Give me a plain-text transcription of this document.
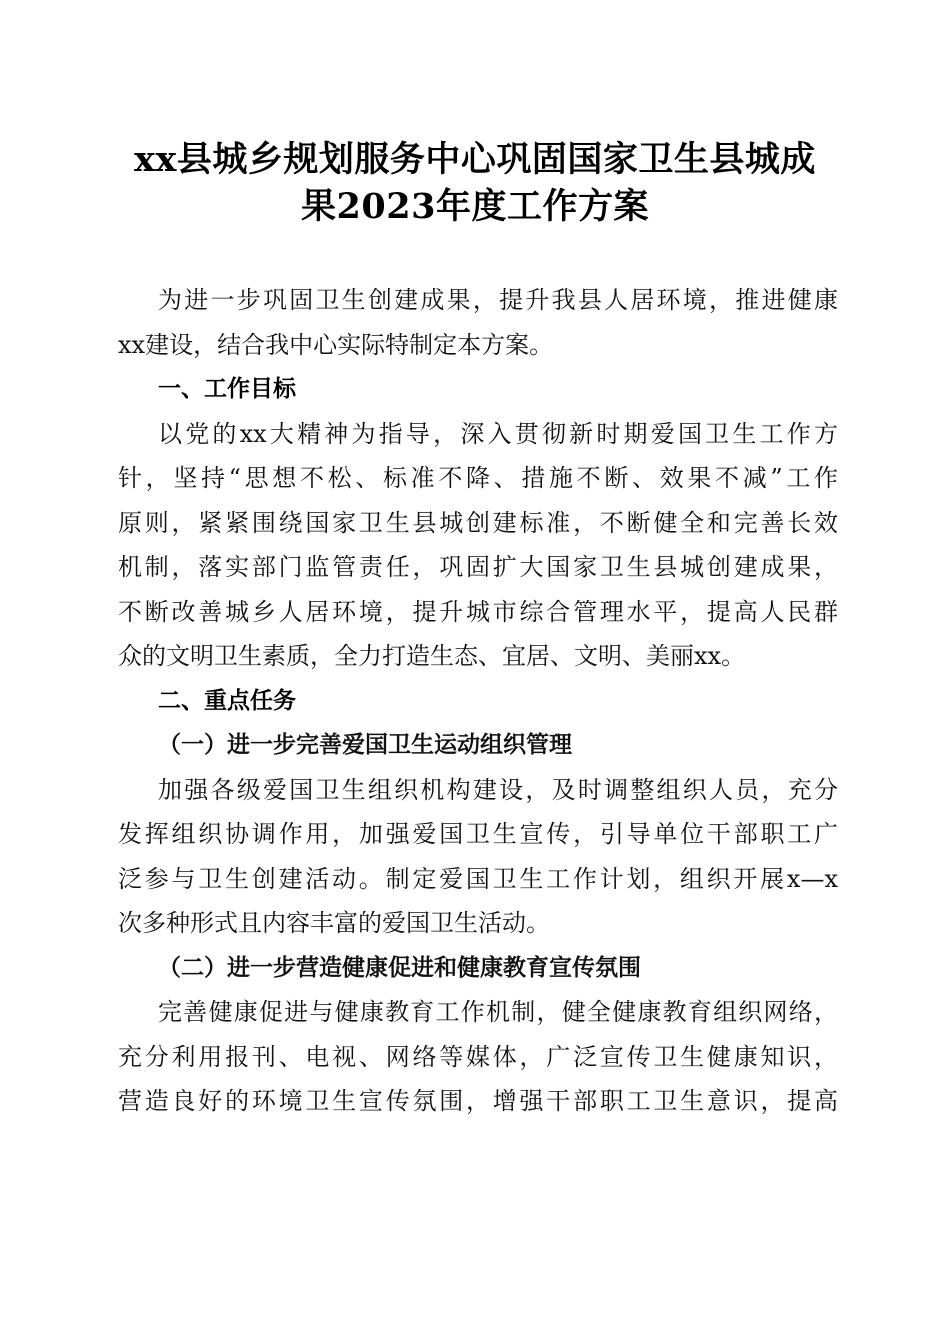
xx县城乡规划服务中心巩固国家卫生县城成
果2023年度工作方案
为进一步巩固卫生创建成果，提升我县人居环境，推进健康
xx建设，结合我中心实际特制定本方案。
一、工作目标
以党的xx大精神为指导，深入贯彻新时期爱国卫生工作方
针，坚持“思想不松、标准不降、措施不断、效果不减”工作
原则，紧紧围绕国家卫生县城创建标准，不断健全和完善长效
机制，落实部门监管责任，巩固扩大国家卫生县城创建成果，
不断改善城乡人居环境，提升城市综合管理水平，提高人民群
众的文明卫生素质，全力打造生态、宜居、文明、美丽xx。
二、重点任务
（一）进一步完善爱国卫生运动组织管理
加强各级爱国卫生组织机构建设，及时调整组织人员，充分
发挥组织协调作用，加强爱国卫生宣传，引导单位干部职工广
泛参与卫生创建活动。制定爱国卫生工作计划，组织开展x—x
次多种形式且内容丰富的爱国卫生活动。
（二）进一步营造健康促进和健康教育宣传氛围
完善健康促进与健康教育工作机制，健全健康教育组织网络，
充分利用报刊、电视、网络等媒体，广泛宣传卫生健康知识，
营造良好的环境卫生宣传氛围，增强干部职工卫生意识，提高
